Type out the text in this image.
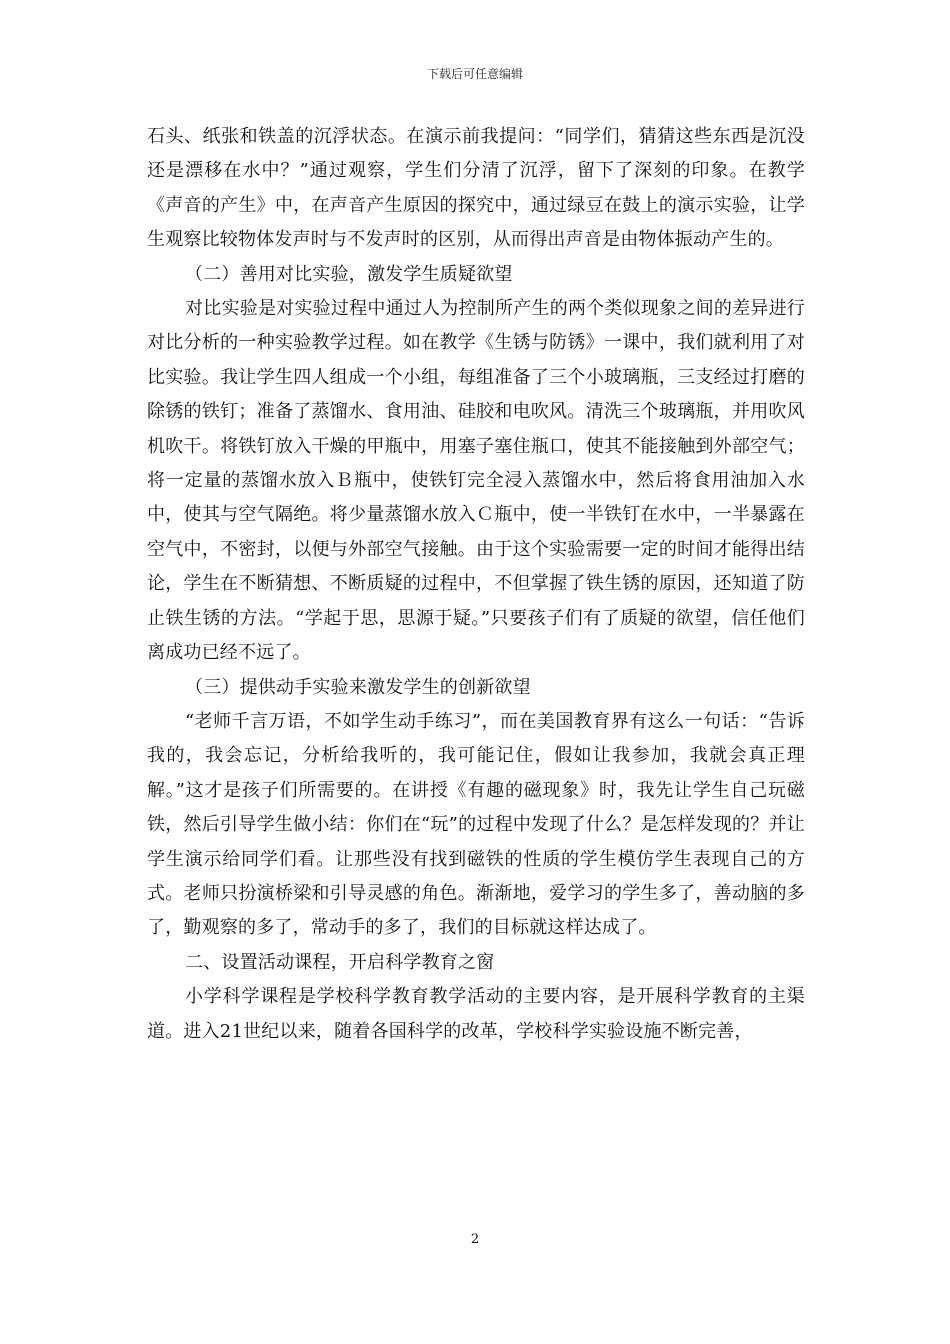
下载后可任意编辑

石头、纸张和铁盖的沉浮状态。在演示前我提问：“同学们，猜猜这些东西是沉没还是漂移在水中？”通过观察，学生们分清了沉浮，留下了深刻的印象。在教学《声音的产生》中，在声音产生原因的探究中，通过绿豆在鼓上的演示实验，让学生观察比较物体发声时与不发声时的区别，从而得出声音是由物体振动产生的。

（二）善用对比实验，激发学生质疑欲望

对比实验是对实验过程中通过人为控制所产生的两个类似现象之间的差异进行对比分析的一种实验教学过程。如在教学《生锈与防锈》一课中，我们就利用了对比实验。我让学生四人组成一个小组，每组准备了三个小玻璃瓶，三支经过打磨的除锈的铁钉；准备了蒸馏水、食用油、硅胶和电吹风。清洗三个玻璃瓶，并用吹风机吹干。将铁钉放入干燥的甲瓶中，用塞子塞住瓶口，使其不能接触到外部空气；将一定量的蒸馏水放入Ｂ瓶中，使铁钉完全浸入蒸馏水中，然后将食用油加入水中，使其与空气隔绝。将少量蒸馏水放入Ｃ瓶中，使一半铁钉在水中，一半暴露在空气中，不密封，以便与外部空气接触。由于这个实验需要一定的时间才能得出结论，学生在不断猜想、不断质疑的过程中，不但掌握了铁生锈的原因，还知道了防止铁生锈的方法。“学起于思，思源于疑。”只要孩子们有了质疑的欲望，信任他们离成功已经不远了。

（三）提供动手实验来激发学生的创新欲望

“老师千言万语，不如学生动手练习”，而在美国教育界有这么一句话：“告诉我的，我会忘记，分析给我听的，我可能记住，假如让我参加，我就会真正理解。”这才是孩子们所需要的。在讲授《有趣的磁现象》时，我先让学生自己玩磁铁，然后引导学生做小结：你们在“玩”的过程中发现了什么？是怎样发现的？并让学生演示给同学们看。让那些没有找到磁铁的性质的学生模仿学生表现自己的方式。老师只扮演桥梁和引导灵感的角色。渐渐地，爱学习的学生多了，善动脑的多了，勤观察的多了，常动手的多了，我们的目标就这样达成了。

二、设置活动课程，开启科学教育之窗

小学科学课程是学校科学教育教学活动的主要内容，是开展科学教育的主渠道。进入21世纪以来，随着各国科学的改革，学校科学实验设施不断完善，

2
